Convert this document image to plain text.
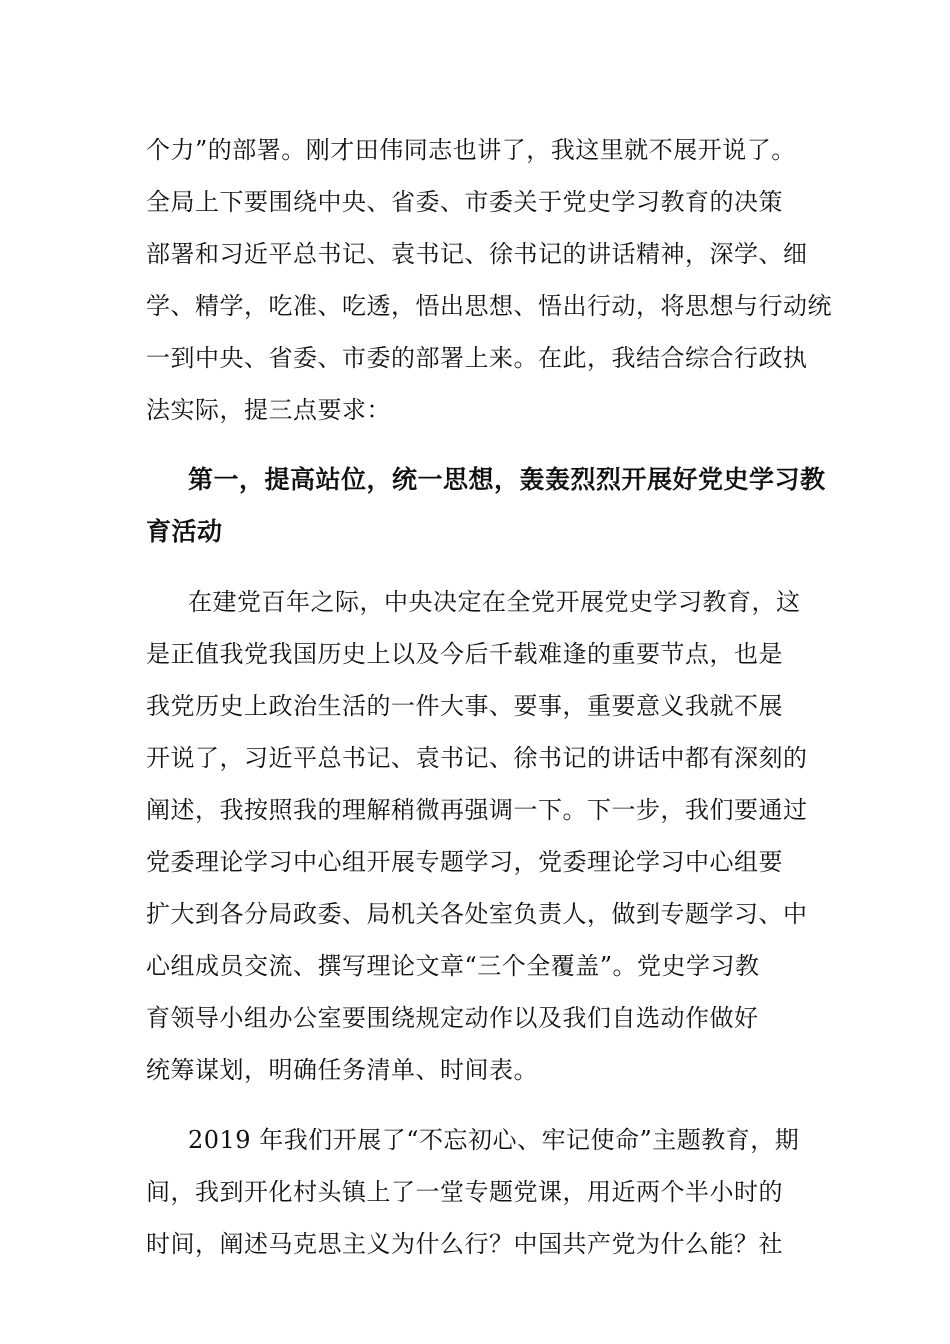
个力”的部署。刚才田伟同志也讲了，我这里就不展开说了。
全局上下要围绕中央、省委、市委关于党史学习教育的决策
部署和习近平总书记、袁书记、徐书记的讲话精神，深学、细
学、精学，吃准、吃透，悟出思想、悟出行动，将思想与行动统
一到中央、省委、市委的部署上来。在此，我结合综合行政执
法实际，提三点要求：
第一，提高站位，统一思想，轰轰烈烈开展好党史学习教
育活动
在建党百年之际，中央决定在全党开展党史学习教育，这
是正值我党我国历史上以及今后千载难逢的重要节点，也是
我党历史上政治生活的一件大事、要事，重要意义我就不展
开说了，习近平总书记、袁书记、徐书记的讲话中都有深刻的
阐述，我按照我的理解稍微再强调一下。下一步，我们要通过
党委理论学习中心组开展专题学习，党委理论学习中心组要
扩大到各分局政委、局机关各处室负责人，做到专题学习、中
心组成员交流、撰写理论文章“三个全覆盖”。党史学习教
育领导小组办公室要围绕规定动作以及我们自选动作做好
统筹谋划，明确任务清单、时间表。
2019 年我们开展了“不忘初心、牢记使命”主题教育，期
间，我到开化村头镇上了一堂专题党课，用近两个半小时的
时间，阐述马克思主义为什么行？中国共产党为什么能？社
